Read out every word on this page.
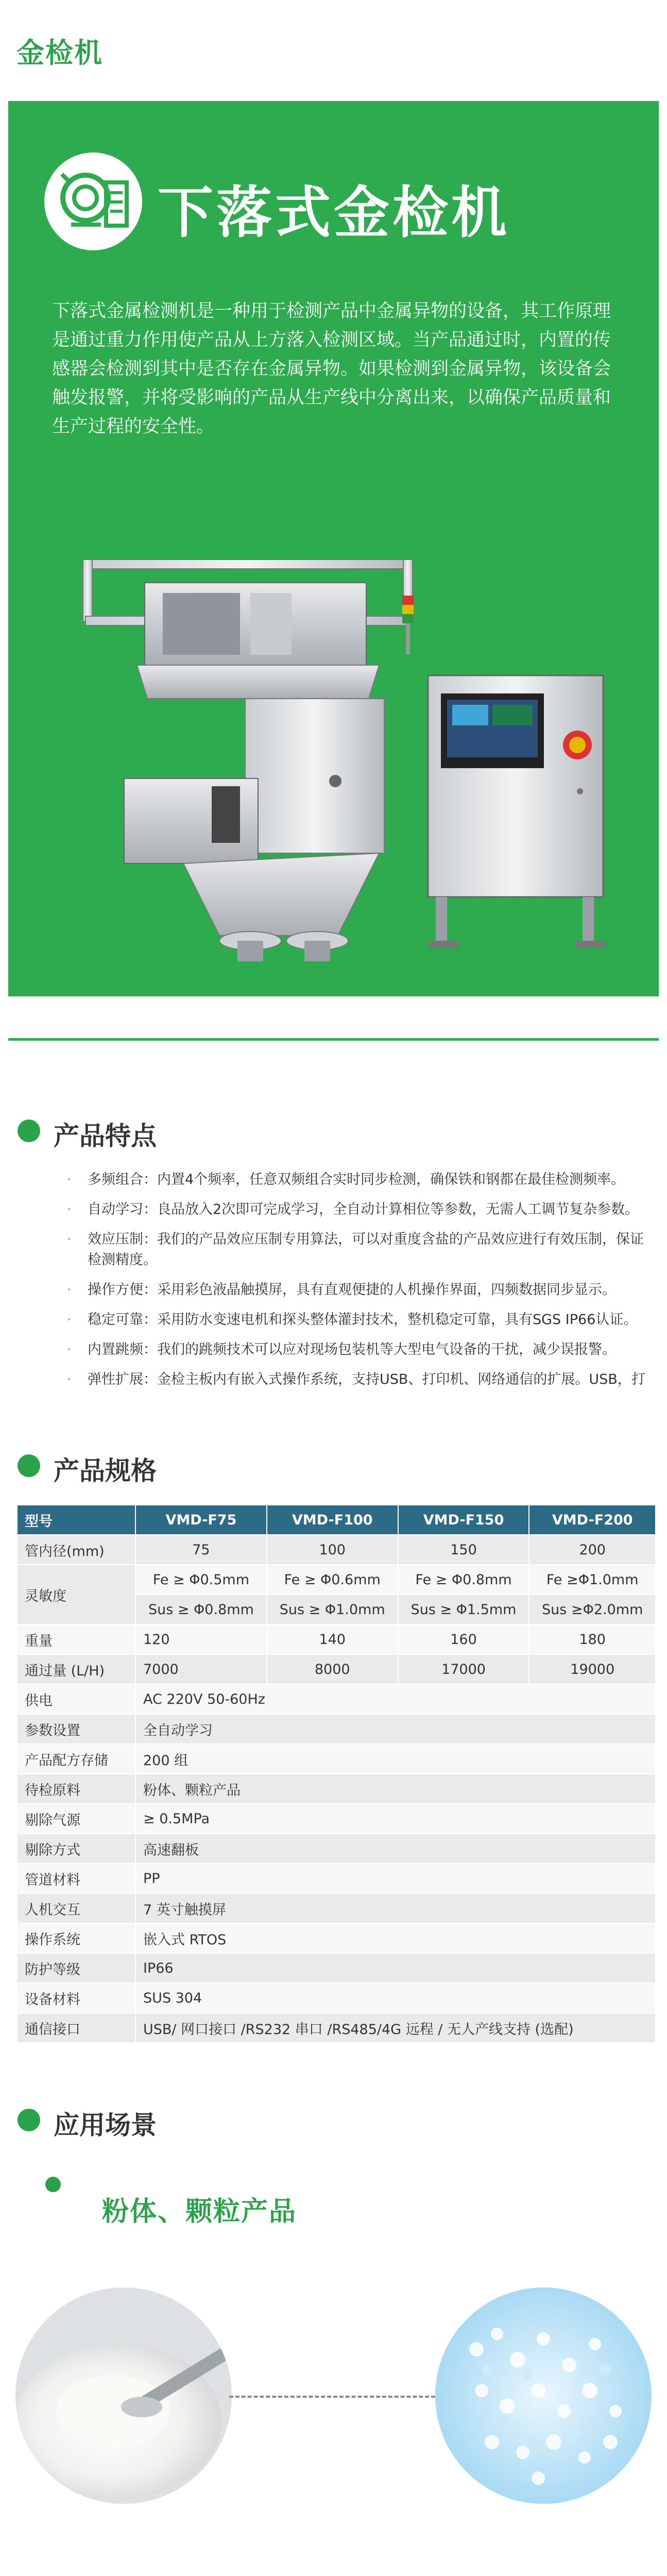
金检机
下落式金检机
下落式金属检测机是一种用于检测产品中金属异物的设备，其工作原理是通过重力作用使产品从上方落入检测区域。当产品通过时，内置的传感器会检测到其中是否存在金属异物。如果检测到金属异物，该设备会触发报警，并将受影响的产品从生产线中分离出来，以确保产品质量和生产过程的安全性。
产品特点
· 多频组合：内置4个频率，任意双频组合实时同步检测，确保铁和钢都在最佳检测频率。
· 自动学习：良品放入2次即可完成学习，全自动计算相位等参数，无需人工调节复杂参数。
· 效应压制：我们的产品效应压制专用算法，可以对重度含盐的产品效应进行有效压制，保证检测精度。
· 操作方便：采用彩色液晶触摸屏，具有直观便捷的人机操作界面，四频数据同步显示。
· 稳定可靠：采用防水变速电机和探头整体灌封技术，整机稳定可靠，具有SGS IP66认证。
· 内置跳频：我们的跳频技术可以应对现场包装机等大型电气设备的干扰，减少误报警。
· 弹性扩展：金检主板内有嵌入式操作系统，支持USB、打印机、网络通信的扩展。USB，打
产品规格
型号	VMD-F75	VMD-F100	VMD-F150	VMD-F200
管内径(mm)	75	100	150	200
灵敏度	Fe ≥ Φ0.5mm	Fe ≥ Φ0.6mm	Fe ≥ Φ0.8mm	Fe ≥Φ1.0mm
	Sus ≥ Φ0.8mm	Sus ≥ Φ1.0mm	Sus ≥ Φ1.5mm	Sus ≥Φ2.0mm
重量	120	140	160	180
通过量 (L/H)	7000	8000	17000	19000
供电	AC 220V 50-60Hz			
参数设置	全自动学习			
产品配方存储	200 组			
待检原料	粉体、颗粒产品			
剔除气源	≥ 0.5MPa			
剔除方式	高速翻板			
管道材料	PP			
人机交互	7 英寸触摸屏			
操作系统	嵌入式 RTOS			
防护等级	IP66			
设备材料	SUS 304			
通信接口	USB/ 网口接口 /RS232 串口 /RS485/4G 远程 / 无人产线支持 (选配)			
应用场景
粉体、颗粒产品
